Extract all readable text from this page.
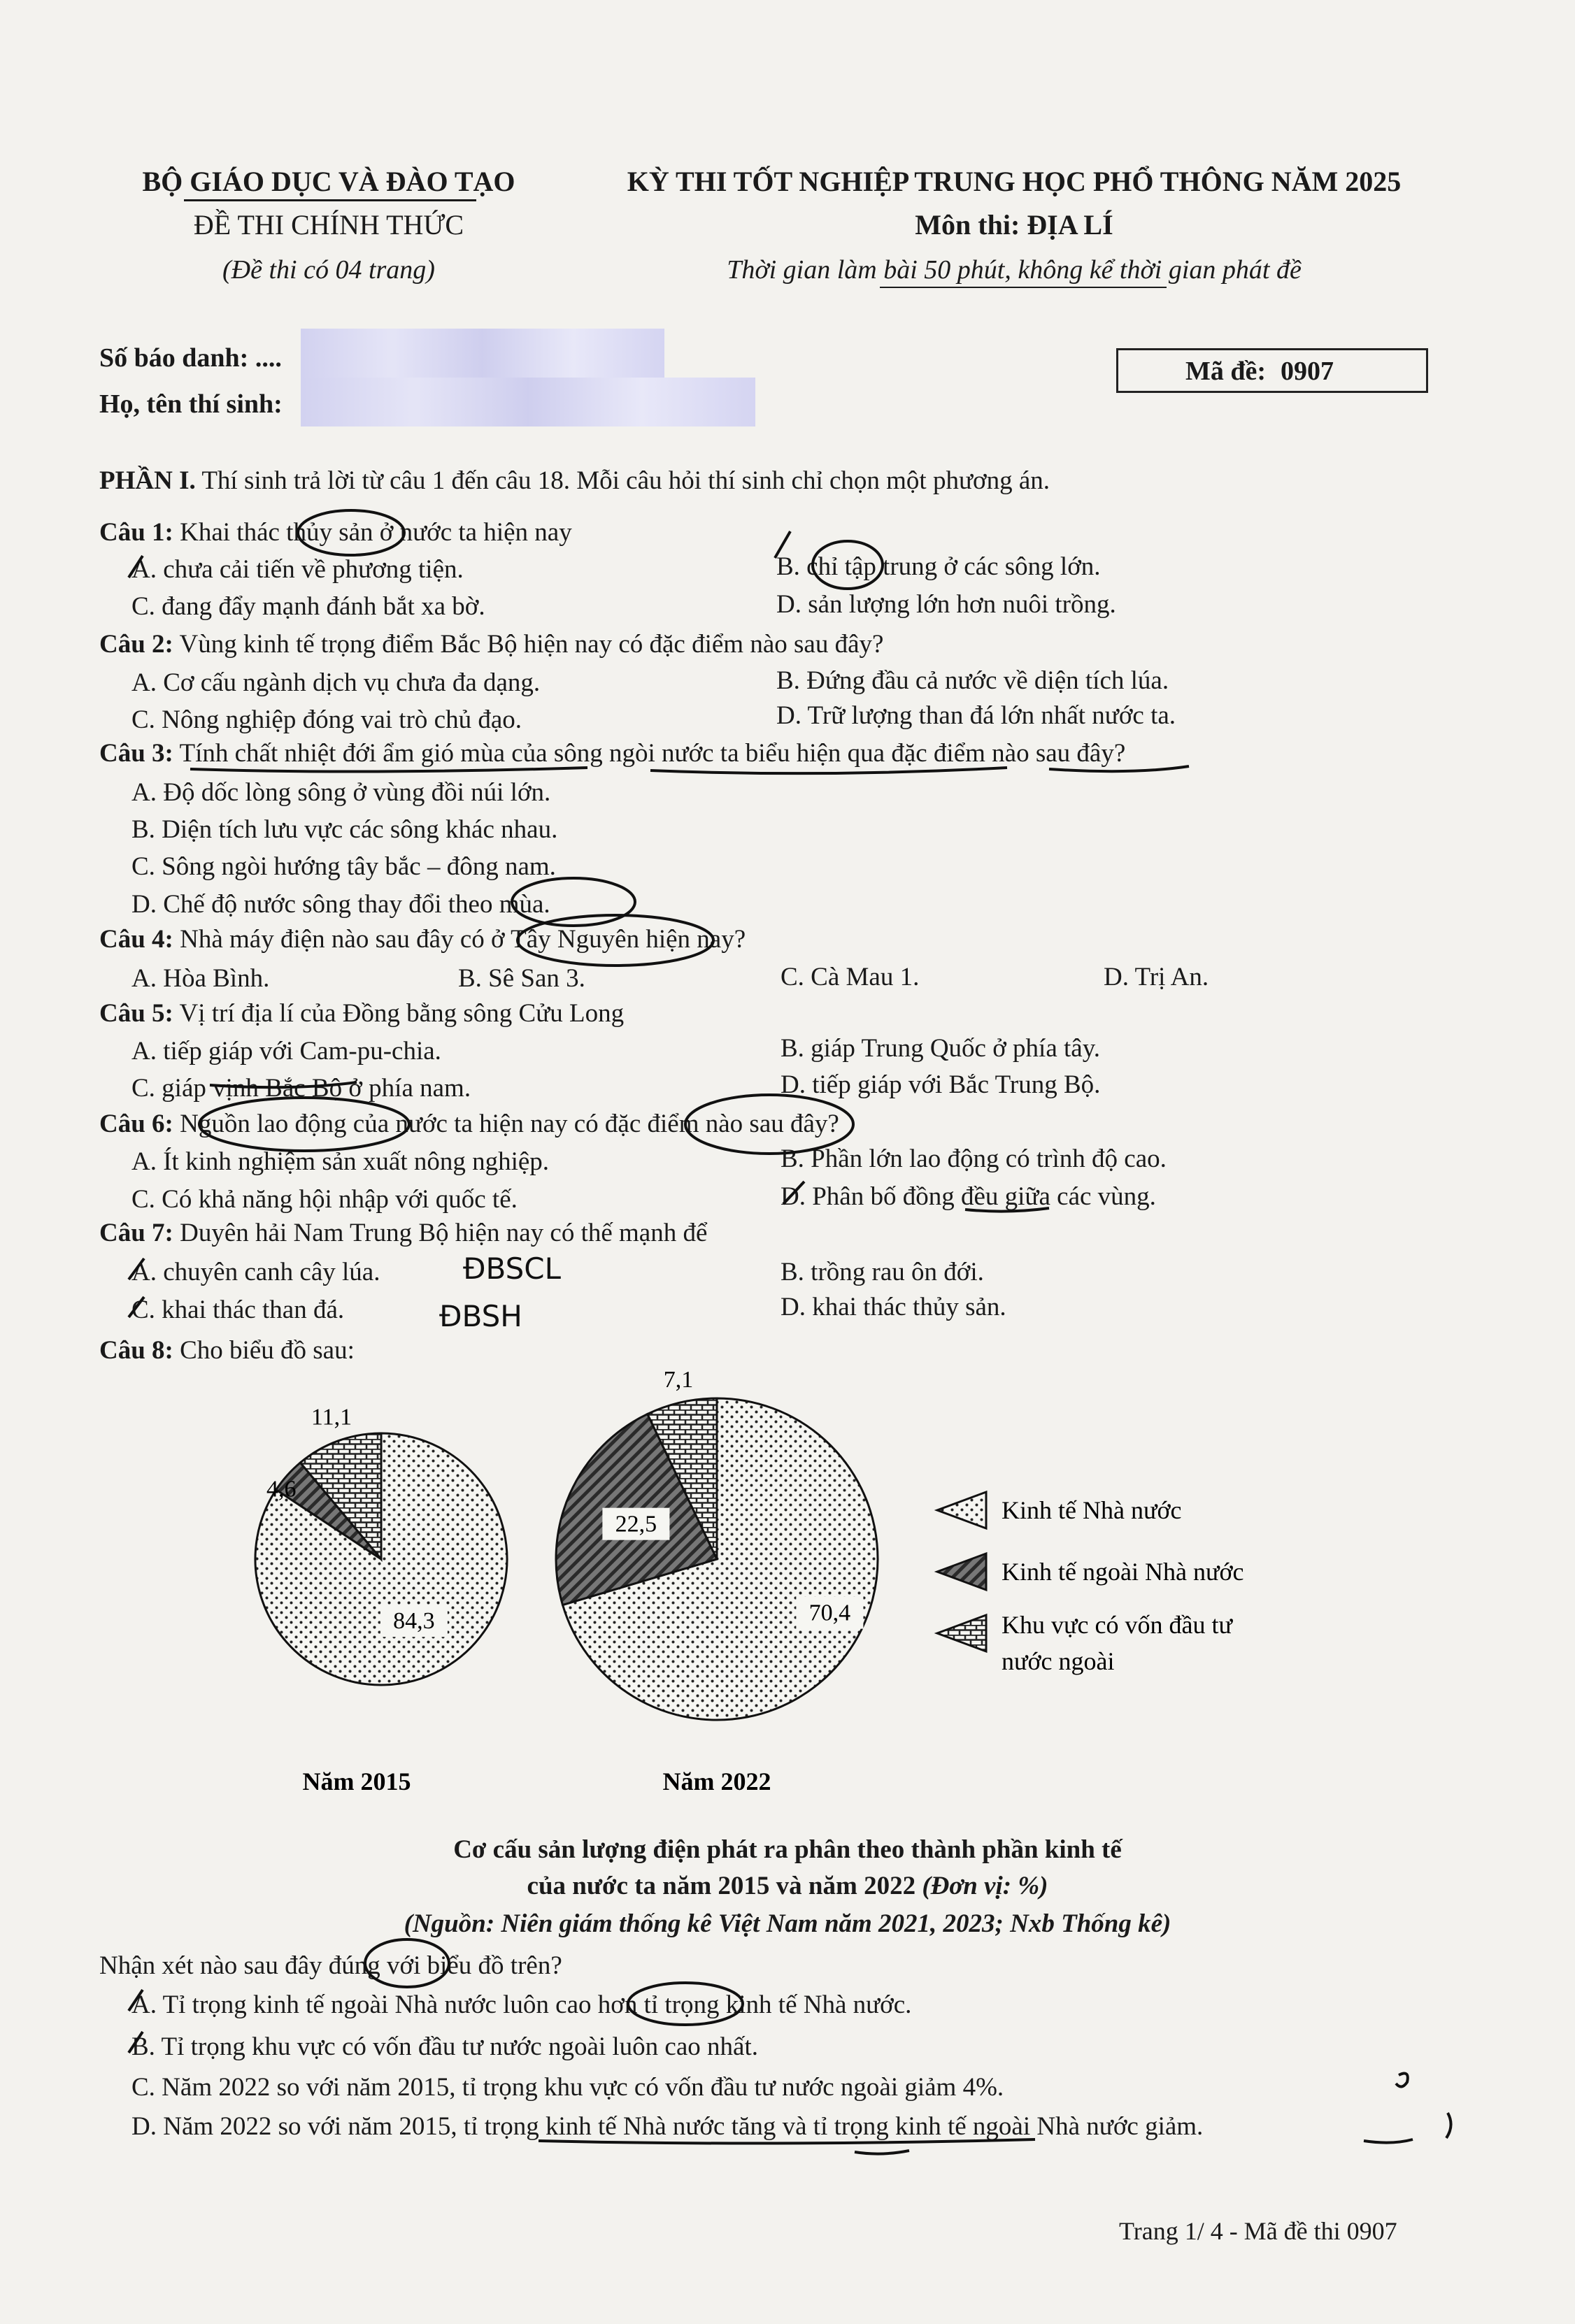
BỘ GIÁO DỤC VÀ ĐÀO TẠO
ĐỀ THI CHÍNH THỨC
(Đề thi có 04 trang)
KỲ THI TỐT NGHIỆP TRUNG HỌC PHỔ THÔNG NĂM 2025
Môn thi: ĐỊA LÍ
Thời gian làm bài 50 phút, không kể thời gian phát đề
Số báo danh: ....
Họ, tên thí sinh:
Mã đề: 0907
PHẦN I. Thí sinh trả lời từ câu 1 đến câu 18. Mỗi câu hỏi thí sinh chỉ chọn một phương án.
Câu 1: Khai thác thủy sản ở nước ta hiện nay
A. chưa cải tiến về phương tiện.	B. chỉ tập trung ở các sông lớn.
C. đang đẩy mạnh đánh bắt xa bờ.	D. sản lượng lớn hơn nuôi trồng.
Câu 2: Vùng kinh tế trọng điểm Bắc Bộ hiện nay có đặc điểm nào sau đây?
A. Cơ cấu ngành dịch vụ chưa đa dạng.	B. Đứng đầu cả nước về diện tích lúa.
C. Nông nghiệp đóng vai trò chủ đạo.	D. Trữ lượng than đá lớn nhất nước ta.
Câu 3: Tính chất nhiệt đới ẩm gió mùa của sông ngòi nước ta biểu hiện qua đặc điểm nào sau đây?
A. Độ dốc lòng sông ở vùng đồi núi lớn.
B. Diện tích lưu vực các sông khác nhau.
C. Sông ngòi hướng tây bắc – đông nam.
D. Chế độ nước sông thay đổi theo mùa.
Câu 4: Nhà máy điện nào sau đây có ở Tây Nguyên hiện nay?
A. Hòa Bình.	B. Sê San 3.	C. Cà Mau 1.	D. Trị An.
Câu 5: Vị trí địa lí của Đồng bằng sông Cửu Long
A. tiếp giáp với Cam-pu-chia.	B. giáp Trung Quốc ở phía tây.
C. giáp vịnh Bắc Bộ ở phía nam.	D. tiếp giáp với Bắc Trung Bộ.
Câu 6: Nguồn lao động của nước ta hiện nay có đặc điểm nào sau đây?
A. Ít kinh nghiệm sản xuất nông nghiệp.	B. Phần lớn lao động có trình độ cao.
C. Có khả năng hội nhập với quốc tế.	D. Phân bố đồng đều giữa các vùng.
Câu 7: Duyên hải Nam Trung Bộ hiện nay có thế mạnh để
A. chuyên canh cây lúa.	B. trồng rau ôn đới.
C. khai thác than đá.	D. khai thác thủy sản.
ĐBSCL
ĐBSH
Câu 8: Cho biểu đồ sau:
84,3
4,6
11,1
Năm 2015
70,4
22,5
7,1
Năm 2022
Kinh tế Nhà nước
Kinh tế ngoài Nhà nước
Khu vực có vốn đầu tư
nước ngoài
Cơ cấu sản lượng điện phát ra phân theo thành phần kinh tế
của nước ta năm 2015 và năm 2022 (Đơn vị: %)
(Nguồn: Niên giám thống kê Việt Nam năm 2021, 2023; Nxb Thống kê)
Nhận xét nào sau đây đúng với biểu đồ trên?
A. Tỉ trọng kinh tế ngoài Nhà nước luôn cao hơn tỉ trọng kinh tế Nhà nước.
B. Tỉ trọng khu vực có vốn đầu tư nước ngoài luôn cao nhất.
C. Năm 2022 so với năm 2015, tỉ trọng khu vực có vốn đầu tư nước ngoài giảm 4%.
D. Năm 2022 so với năm 2015, tỉ trọng kinh tế Nhà nước tăng và tỉ trọng kinh tế ngoài Nhà nước giảm.
Trang 1/ 4 - Mã đề thi 0907
